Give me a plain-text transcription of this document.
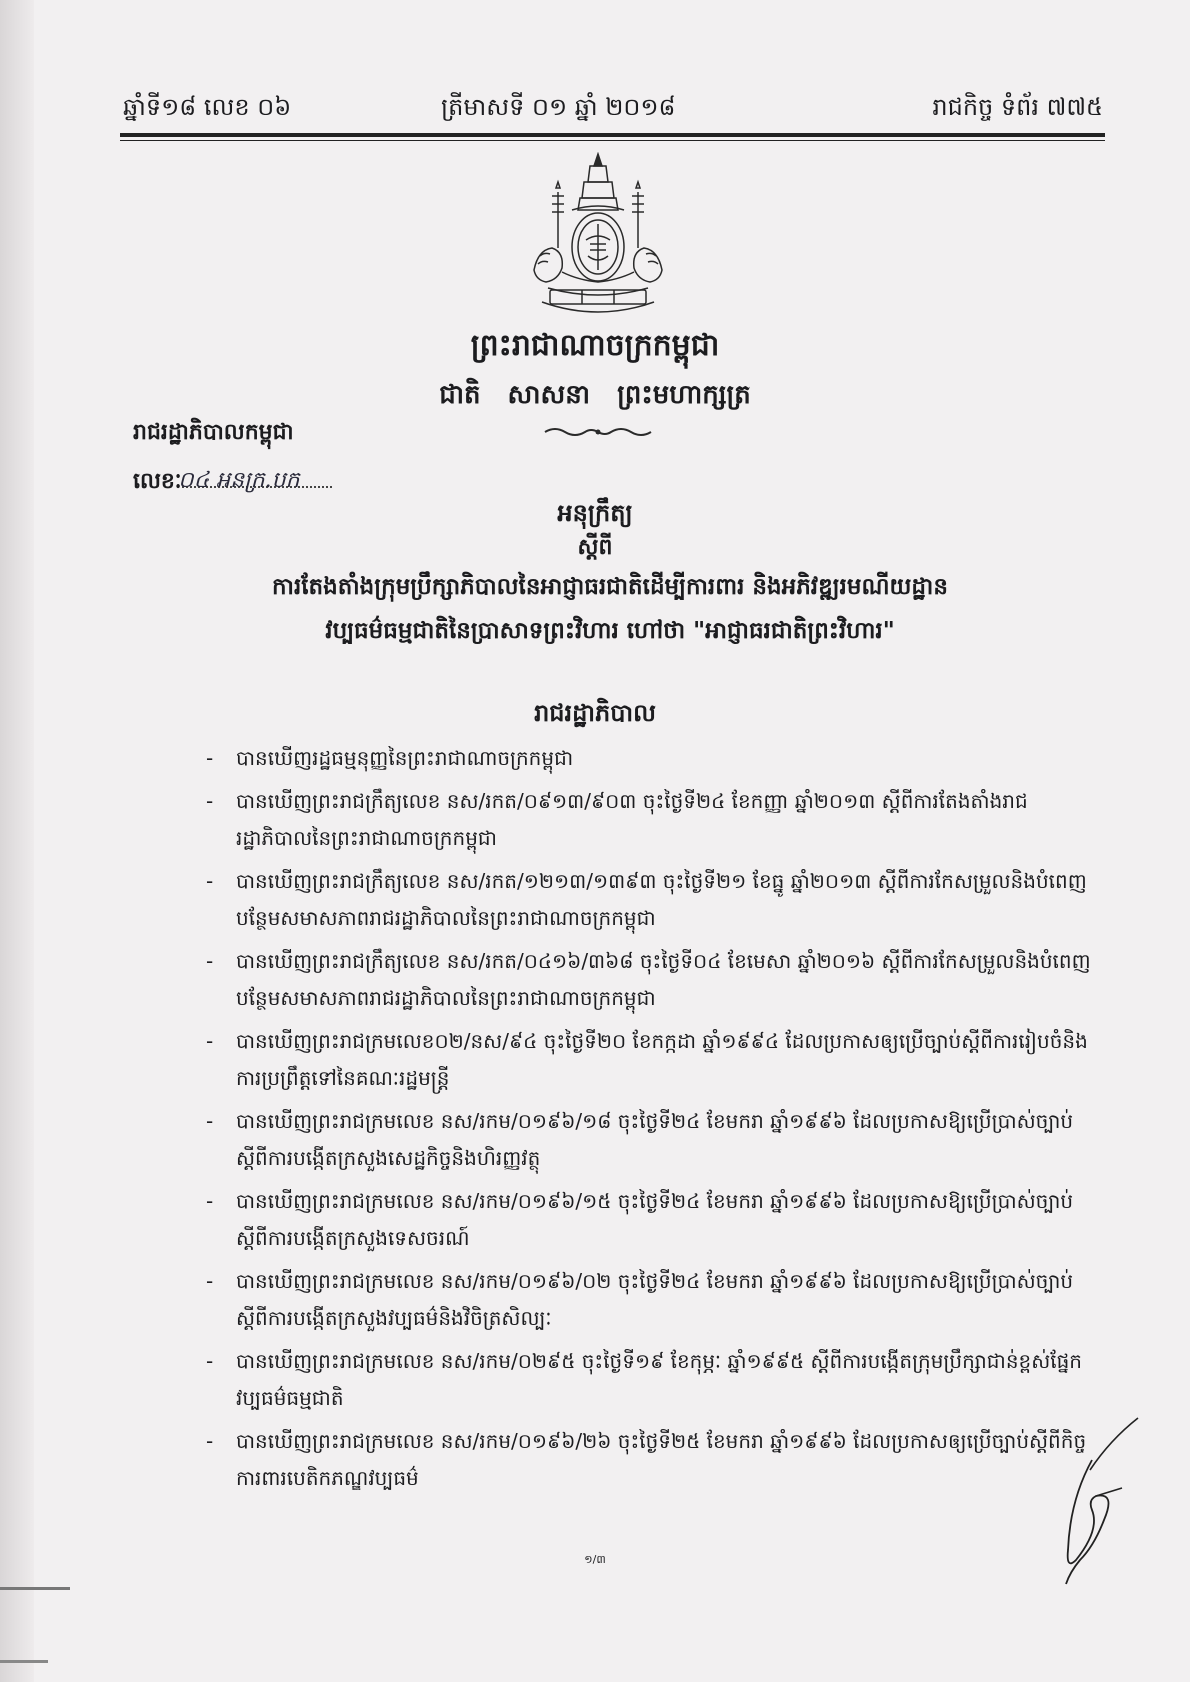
ឆ្នាំទី១៨ លេខ ០៦	ត្រីមាសទី ០១ ឆ្នាំ ២០១៨	រាជកិច្ច ទំព័រ ៧៧៥
ព្រះរាជាណាចក្រកម្ពុជា
ជាតិ សាសនា ព្រះមហាក្សត្រ
រាជរដ្ឋាភិបាលកម្ពុជា
លេខៈ
០៤ អនក្រ.បក
អនុក្រឹត្យ
ស្តីពី
ការតែងតាំងក្រុមប្រឹក្សាភិបាលនៃអាជ្ញាធរជាតិដើម្បីការពារ និងអភិវឌ្ឍរមណីយដ្ឋាន
វប្បធម៌ធម្មជាតិនៃប្រាសាទព្រះវិហារ ហៅថា "អាជ្ញាធរជាតិព្រះវិហារ"
រាជរដ្ឋាភិបាល
- បានឃើញរដ្ឋធម្មនុញ្ញនៃព្រះរាជាណាចក្រកម្ពុជា
- បានឃើញព្រះរាជក្រឹត្យលេខ នស/រកត/០៩១៣/៩០៣ ចុះថ្ងៃទី២៤ ខែកញ្ញា ឆ្នាំ២០១៣ ស្តីពីការតែងតាំងរាជរដ្ឋាភិបាលនៃព្រះរាជាណាចក្រកម្ពុជា
- បានឃើញព្រះរាជក្រឹត្យលេខ នស/រកត/១២១៣/១៣៩៣ ចុះថ្ងៃទី២១ ខែធ្នូ ឆ្នាំ២០១៣ ស្តីពីការកែសម្រួលនិងបំពេញបន្ថែមសមាសភាពរាជរដ្ឋាភិបាលនៃព្រះរាជាណាចក្រកម្ពុជា
- បានឃើញព្រះរាជក្រឹត្យលេខ នស/រកត/០៤១៦/៣៦៨ ចុះថ្ងៃទី០៤ ខែមេសា ឆ្នាំ២០១៦ ស្តីពីការកែសម្រួលនិងបំពេញបន្ថែមសមាសភាពរាជរដ្ឋាភិបាលនៃព្រះរាជាណាចក្រកម្ពុជា
- បានឃើញព្រះរាជក្រមលេខ០២/នស/៩៤ ចុះថ្ងៃទី២០ ខែកក្កដា ឆ្នាំ១៩៩៤ ដែលប្រកាសឲ្យប្រើច្បាប់ស្តីពីការរៀបចំនិងការប្រព្រឹត្តទៅនៃគណៈរដ្ឋមន្ត្រី
- បានឃើញព្រះរាជក្រមលេខ នស/រកម/០១៩៦/១៨ ចុះថ្ងៃទី២៤ ខែមករា ឆ្នាំ១៩៩៦ ដែលប្រកាសឱ្យប្រើប្រាស់ច្បាប់ស្តីពីការបង្កើតក្រសួងសេដ្ឋកិច្ចនិងហិរញ្ញវត្ថុ
- បានឃើញព្រះរាជក្រមលេខ នស/រកម/០១៩៦/១៥ ចុះថ្ងៃទី២៤ ខែមករា ឆ្នាំ១៩៩៦ ដែលប្រកាសឱ្យប្រើប្រាស់ច្បាប់ស្តីពីការបង្កើតក្រសួងទេសចរណ៍
- បានឃើញព្រះរាជក្រមលេខ នស/រកម/០១៩៦/០២ ចុះថ្ងៃទី២៤ ខែមករា ឆ្នាំ១៩៩៦ ដែលប្រកាសឱ្យប្រើប្រាស់ច្បាប់ស្តីពីការបង្កើតក្រសួងវប្បធម៌និងវិចិត្រសិល្បៈ
- បានឃើញព្រះរាជក្រមលេខ នស/រកម/០២៩៥ ចុះថ្ងៃទី១៩ ខែកុម្ភៈ ឆ្នាំ១៩៩៥ ស្តីពីការបង្កើតក្រុមប្រឹក្សាជាន់ខ្ពស់ផ្នែកវប្បធម៌ធម្មជាតិ
- បានឃើញព្រះរាជក្រមលេខ នស/រកម/០១៩៦/២៦ ចុះថ្ងៃទី២៥ ខែមករា ឆ្នាំ១៩៩៦ ដែលប្រកាសឲ្យប្រើច្បាប់ស្តីពីកិច្ចការពារបេតិកភណ្ឌវប្បធម៌
១/៣
